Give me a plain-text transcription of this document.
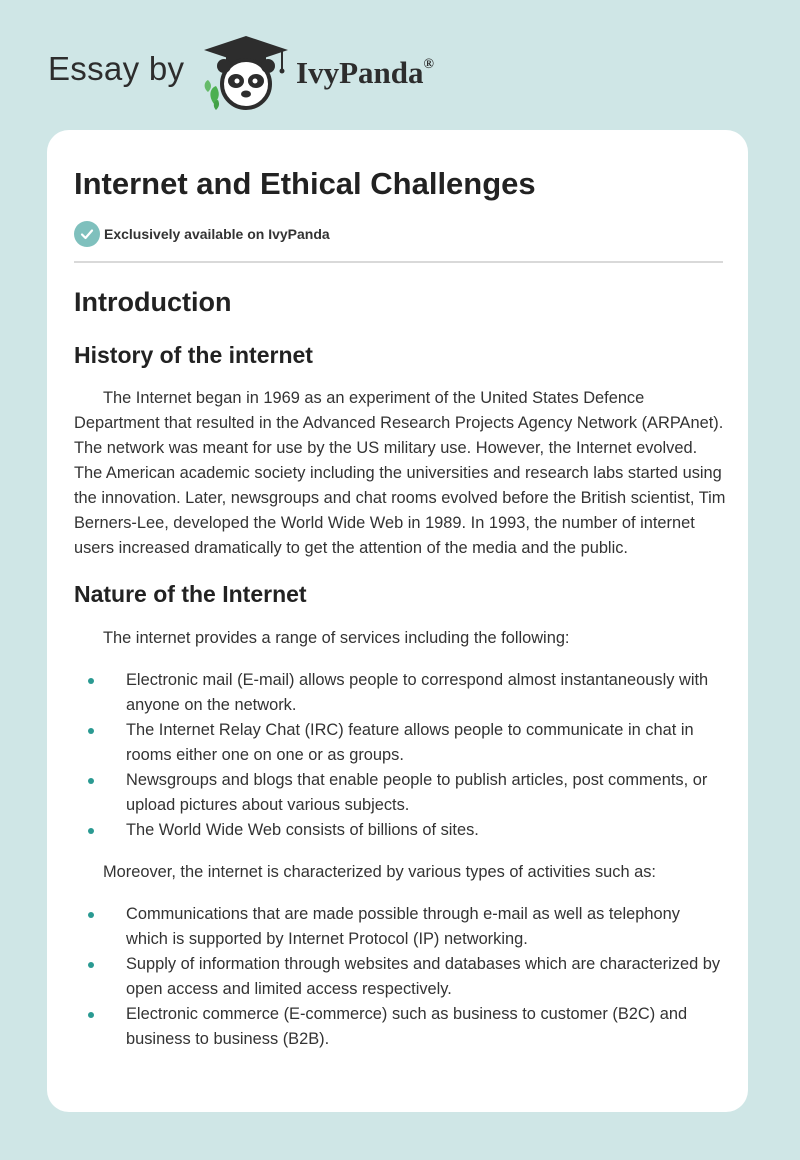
Essay by	IvyPanda®
Internet and Ethical Challenges
Exclusively available on IvyPanda
Introduction
History of the internet

The Internet began in 1969 as an experiment of the United States Defence Department that resulted in the Advanced Research Projects Agency Network (ARPAnet). The network was meant for use by the US military use. However, the Internet evolved. The American academic society including the universities and research labs started using the innovation. Later, newsgroups and chat rooms evolved before the British scientist, Tim Berners-Lee, developed the World Wide Web in 1989. In 1993, the number of internet users increased dramatically to get the attention of the media and the public.

Nature of the Internet

The internet provides a range of services including the following:

Electronic mail (E-mail) allows people to correspond almost instantaneously with anyone on the network.
The Internet Relay Chat (IRC) feature allows people to communicate in chat in rooms either one on one or as groups.
Newsgroups and blogs that enable people to publish articles, post comments, or upload pictures about various subjects.
The World Wide Web consists of billions of sites.

Moreover, the internet is characterized by various types of activities such as:

Communications that are made possible through e-mail as well as telephony which is supported by Internet Protocol (IP) networking.
Supply of information through websites and databases which are characterized by open access and limited access respectively.
Electronic commerce (E-commerce) such as business to customer (B2C) and business to business (B2B).
